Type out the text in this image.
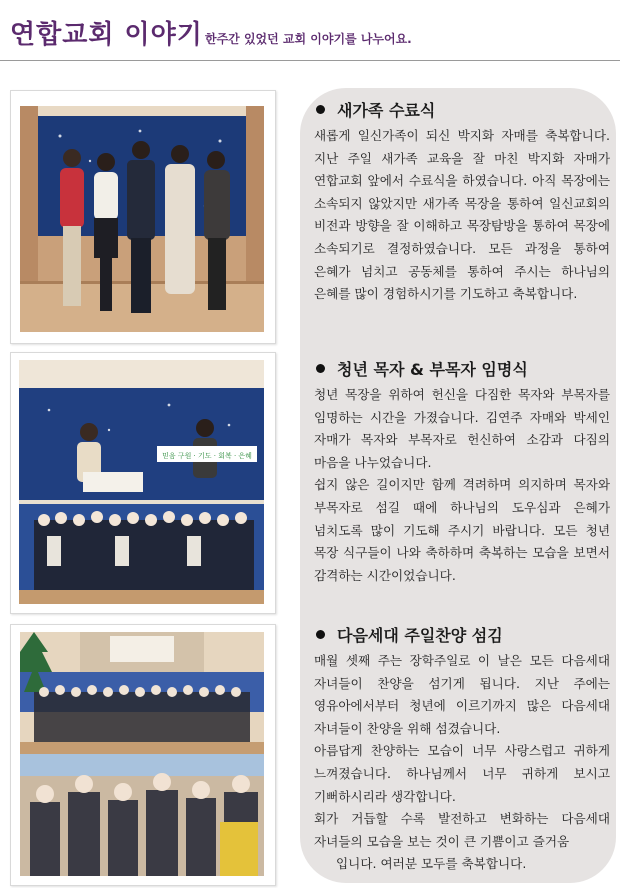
연합교회 이야기 한주간 있었던 교회 이야기를 나누어요.
믿음 구원 · 기도 · 회복 · 은혜
새가족 수료식

새롭게 일신가족이 되신 박지화 자매를 축복합니다. 지난 주일 새가족 교육을 잘 마친 박지화 자매가 연합교회 앞에서 수료식을 하였습니다. 아직 목장에는 소속되지 않았지만 새가족 목장을 통하여 일신교회의 비전과 방향을 잘 이해하고 목장탐방을 통하여 목장에 소속되기로 결정하였습니다. 모든 과정을 통하여 은혜가 넘치고 공동체를 통하여 주시는 하나님의 은혜를 많이 경험하시기를 기도하고 축복합니다.

청년 목자 & 부목자 임명식

청년 목장을 위하여 헌신을 다짐한 목자와 부목자를 임명하는 시간을 가졌습니다. 김연주 자매와 박세인 자매가 목자와 부목자로 헌신하여 소감과 다짐의 마음을 나누었습니다.

쉽지 않은 길이지만 함께 격려하며 의지하며 목자와 부목자로 섬길 때에 하나님의 도우심과 은혜가 넘치도록 많이 기도해 주시기 바랍니다. 모든 청년 목장 식구들이 나와 축하하며 축복하는 모습을 보면서 감격하는 시간이었습니다.

다음세대 주일찬양 섬김

매월 셋째 주는 장학주일로 이 날은 모든 다음세대 자녀들이 찬양을 섬기게 됩니다. 지난 주에는 영유아에서부터 청년에 이르기까지 많은 다음세대 자녀들이 찬양을 위해 섬겼습니다.

아름답게 찬양하는 모습이 너무 사랑스럽고 귀하게 느껴졌습니다. 하나님께서 너무 귀하게 보시고 기뻐하시리라 생각합니다.

회가 거듭할 수록 발전하고 변화하는 다음세대 자녀들의 모습을 보는 것이 큰 기쁨이고 즐거움

입니다. 여러분 모두를 축복합니다.
